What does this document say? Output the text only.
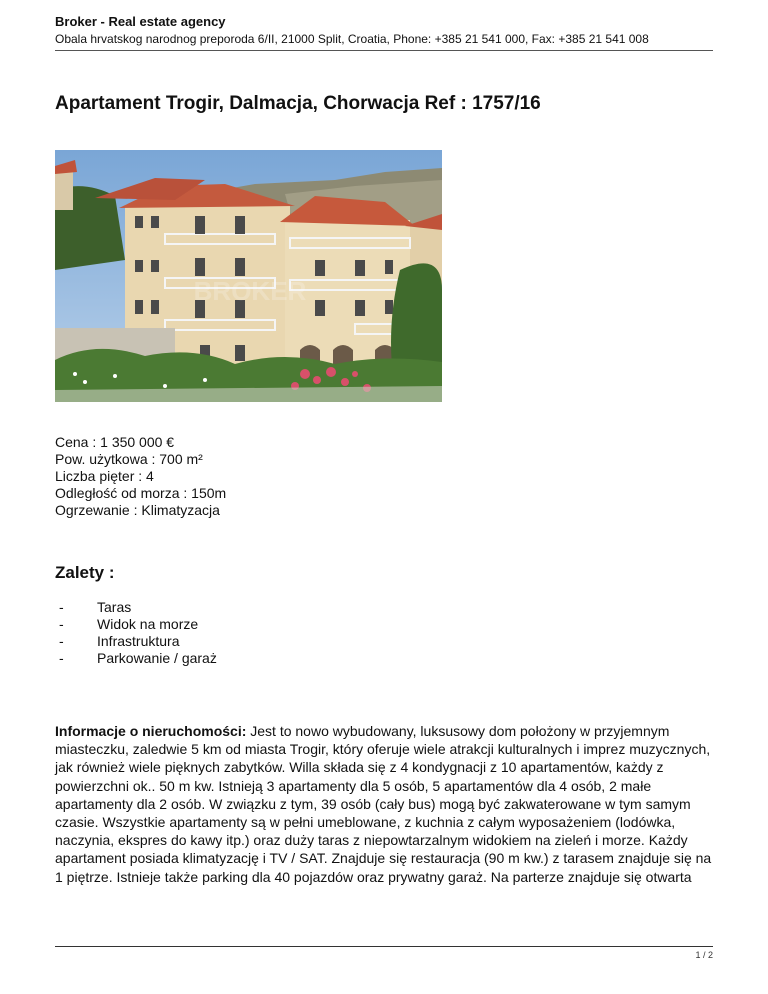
Broker - Real estate agency
Obala hrvatskog narodnog preporoda 6/II, 21000 Split, Croatia, Phone: +385 21 541 000, Fax: +385 21 541 008
Apartament Trogir, Dalmacja, Chorwacja Ref : 1757/16
BROKER
Cena : 1 350 000 €
Pow. użytkowa : 700 m²
Liczba pięter : 4
Odległość od morza : 150m
Ogrzewanie : Klimatyzacja
Zalety :
-	Taras
-	Widok na morze
-	Infrastruktura
-	Parkowanie / garaż

Informacje o nieruchomości: Jest to nowo wybudowany, luksusowy dom położony w przyjemnym miasteczku, zaledwie 5 km od miasta Trogir, który oferuje wiele atrakcji kulturalnych i imprez muzycznych, jak również wiele pięknych zabytków. Willa składa się z 4 kondygnacji z 10 apartamentów, każdy z powierzchni ok.. 50 m kw. Istnieją 3 apartamenty dla 5 osób, 5 apartamentów dla 4 osób, 2 małe apartamenty dla 2 osób. W związku z tym, 39 osób (cały bus) mogą być zakwaterowane w tym samym czasie. Wszystkie apartamenty są w pełni umeblowane, z kuchnia z całym wyposażeniem (lodówka, naczynia, ekspres do kawy itp.) oraz duży taras z niepowtarzalnym widokiem na zieleń i morze. Każdy apartament posiada klimatyzację i TV / SAT. Znajduje się restauracja (90 m kw.) z tarasem znajduje się na 1 piętrze. Istnieje także parking dla 40 pojazdów oraz prywatny garaż. Na parterze znajduje się otwarta

1 / 2
